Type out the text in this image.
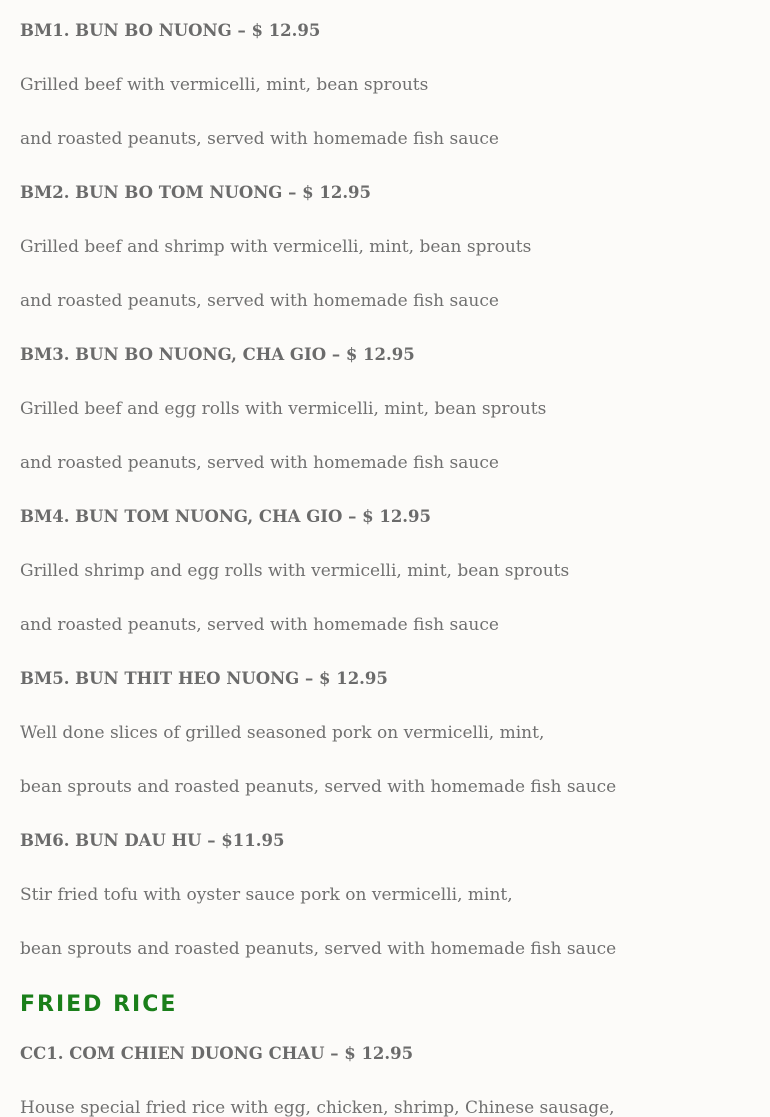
BM1. BUN BO NUONG – $ 12.95
Grilled beef with vermicelli, mint, bean sprouts
and roasted peanuts, served with homemade fish sauce
BM2. BUN BO TOM NUONG – $ 12.95
Grilled beef and shrimp with vermicelli, mint, bean sprouts
and roasted peanuts, served with homemade fish sauce
BM3. BUN BO NUONG, CHA GIO – $ 12.95
Grilled beef and egg rolls with vermicelli, mint, bean sprouts
and roasted peanuts, served with homemade fish sauce
BM4. BUN TOM NUONG, CHA GIO – $ 12.95
Grilled shrimp and egg rolls with vermicelli, mint, bean sprouts
and roasted peanuts, served with homemade fish sauce
BM5. BUN THIT HEO NUONG – $ 12.95
Well done slices of grilled seasoned pork on vermicelli, mint,
bean sprouts and roasted peanuts, served with homemade fish sauce
BM6. BUN DAU HU – $11.95
Stir fried tofu with oyster sauce pork on vermicelli, mint,
bean sprouts and roasted peanuts, served with homemade fish sauce
FRIED RICE
CC1. COM CHIEN DUONG CHAU – $ 12.95
House special fried rice with egg, chicken, shrimp, Chinese sausage,
